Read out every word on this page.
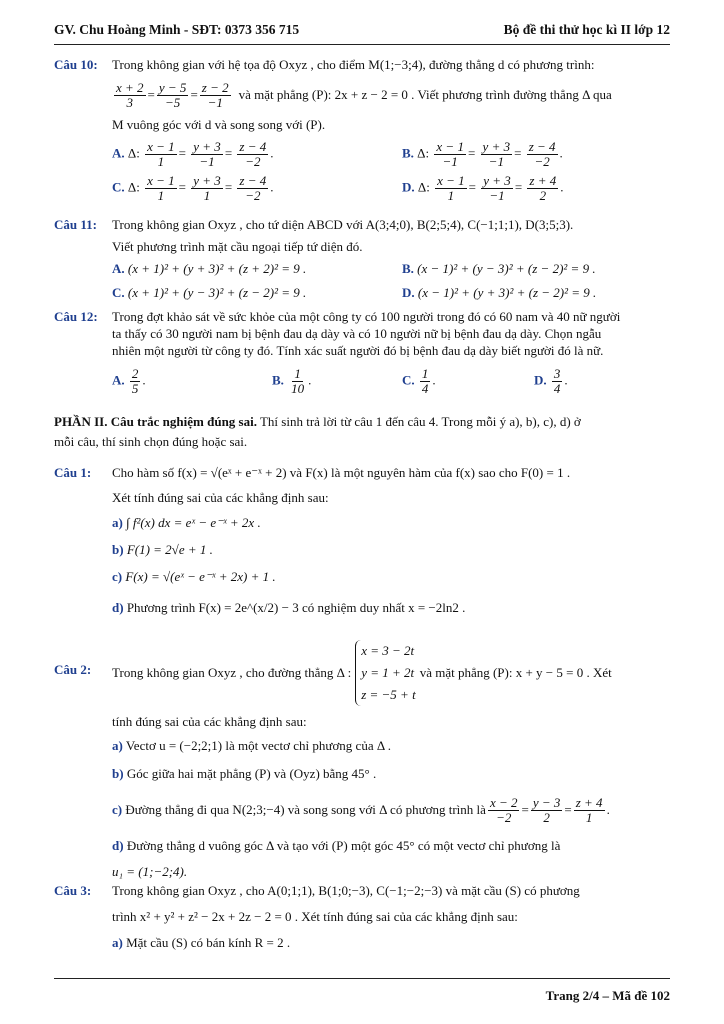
GV. Chu Hoàng Minh - SĐT: 0373 356 715	Bộ đề thi thử học kì II lớp 12
Câu 10: Trong không gian với hệ tọa độ Oxyz , cho điểm M(1;−3;4), đường thẳng d có phương trình:
$\frac{x + 2}{3} = \frac{y - 5}{-5} = \frac{z - 2}{-1}$ và mặt phẳng (P): 2x + z − 2 = 0 . Viết phương trình đường thẳng Δ qua
M vuông góc với d và song song với (P).
A. Δ: $\frac{x - 1}{1} = \frac{y + 3}{-1} = \frac{z - 4}{-2}$ .	B. Δ: $\frac{x - 1}{-1} = \frac{y + 3}{-1} = \frac{z - 4}{-2}$ .
C. Δ: $\frac{x - 1}{1} = \frac{y + 3}{1} = \frac{z - 4}{-2}$ .	D. Δ: $\frac{x - 1}{1} = \frac{y + 3}{-1} = \frac{z + 4}{2}$ .
Câu 11: Trong không gian Oxyz , cho tứ diện ABCD với A(3;4;0), B(2;5;4), C(−1;1;1), D(3;5;3).
Viết phương trình mặt cầu ngoại tiếp tứ diện đó.
A. (x + 1)² + (y + 3)² + (z + 2)² = 9 .	B. (x − 1)² + (y − 3)² + (z − 2)² = 9 .
C. (x + 1)² + (y − 3)² + (z − 2)² = 9 .	D. (x − 1)² + (y + 3)² + (z − 2)² = 9 .
Câu 12: Trong đợt khảo sát về sức khỏe của một công ty có 100 người trong đó có 60 nam và 40 nữ người
ta thấy có 30 người nam bị bệnh đau dạ dày và có 10 người nữ bị bệnh đau dạ dày. Chọn ngẫu
nhiên một người từ công ty đó. Tính xác suất người đó bị bệnh đau dạ dày biết người đó là nữ.
A. $\frac{2}{5}$ .	B. $\frac{1}{10}$ .	C. $\frac{1}{4}$ .	D. $\frac{3}{4}$ .
PHẦN II. Câu trắc nghiệm đúng sai. Thí sinh trả lời từ câu 1 đến câu 4. Trong mỗi ý a), b), c), d) ở
mỗi câu, thí sinh chọn đúng hoặc sai.
Câu 1: Cho hàm số f(x) = √(eˣ + e⁻ˣ + 2) và F(x) là một nguyên hàm của f(x) sao cho F(0) = 1 .
Xét tính đúng sai của các khẳng định sau:
a) ∫ f²(x) dx = eˣ − e⁻ˣ + 2x .
b) F(1) = 2√e + 1 .
c) F(x) = √(eˣ − e⁻ˣ + 2x) + 1 .
d) Phương trình F(x) = 2e^(x/2) − 3 có nghiệm duy nhất x = −2ln2 .
Câu 2: Trong không gian Oxyz , cho đường thẳng Δ :
x = 3 − 2t
y = 1 + 2t
z = −5 + t
và mặt phẳng (P): x + y − 5 = 0 . Xét
tính đúng sai của các khẳng định sau:
a) Vectơ u = (−2;2;1) là một vectơ chỉ phương của Δ .
b) Góc giữa hai mặt phẳng (P) và (Oyz) bằng 45° .
c)
Đường thẳng đi qua N(2;3;−4) và song song với Δ có phương trình là $\frac{x - 2}{-2} = \frac{y - 3}{2} = \frac{z + 4}{1}$ .
d) Đường thẳng d vuông góc Δ và tạo với (P) một góc 45° có một vectơ chỉ phương là
u₁ = (1;−2;4).
Câu 3: Trong không gian Oxyz , cho A(0;1;1), B(1;0;−3), C(−1;−2;−3) và mặt cầu (S) có phương
trình x² + y² + z² − 2x + 2z − 2 = 0 . Xét tính đúng sai của các khẳng định sau:
a) Mặt cầu (S) có bán kính R = 2 .
Trang 2/4 – Mã đề 102
